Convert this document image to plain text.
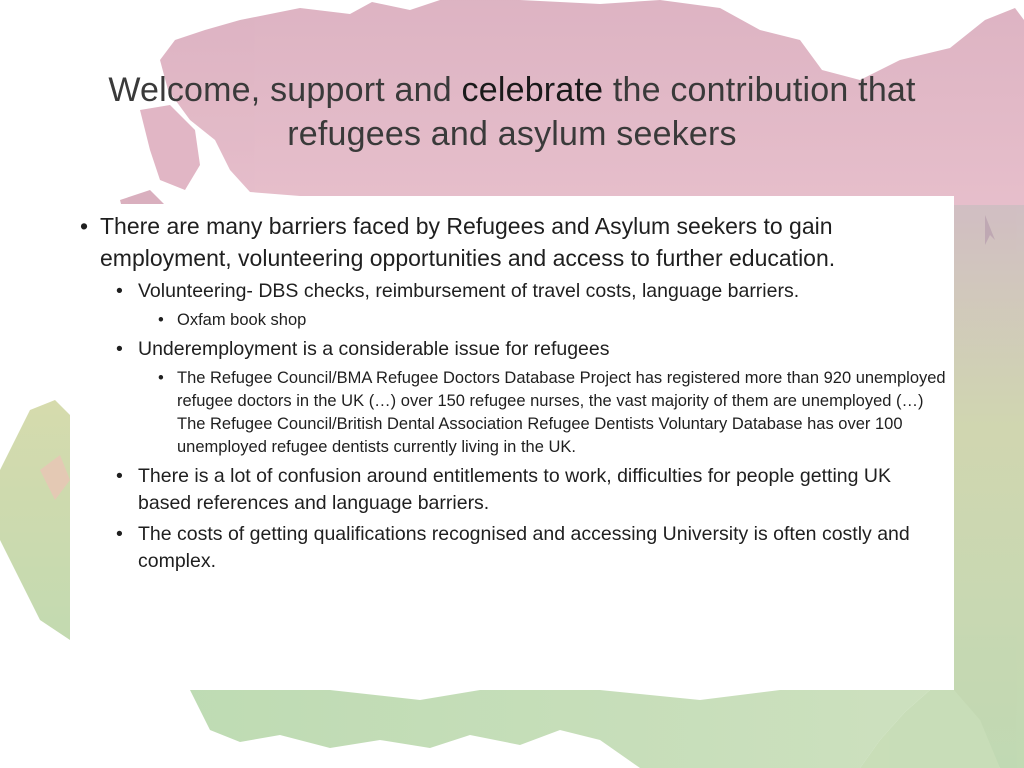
Welcome, support and celebrate the contribution that refugees and asylum seekers
• There are many barriers faced by Refugees and Asylum seekers to gain employment, volunteering opportunities and access to further education.
• Volunteering- DBS checks, reimbursement of travel costs, language barriers.
• Oxfam book shop
• Underemployment is a considerable issue for refugees
• The Refugee Council/BMA Refugee Doctors Database Project has registered more than 920 unemployed refugee doctors in the UK (…) over 150 refugee nurses, the vast majority of them are unemployed (…) The Refugee Council/British Dental Association Refugee Dentists Voluntary Database has over 100 unemployed refugee dentists currently living in the UK.
• There is a lot of confusion around entitlements to work, difficulties for people getting UK based references and language barriers.
• The costs of getting qualifications recognised and accessing University is often costly and complex.
